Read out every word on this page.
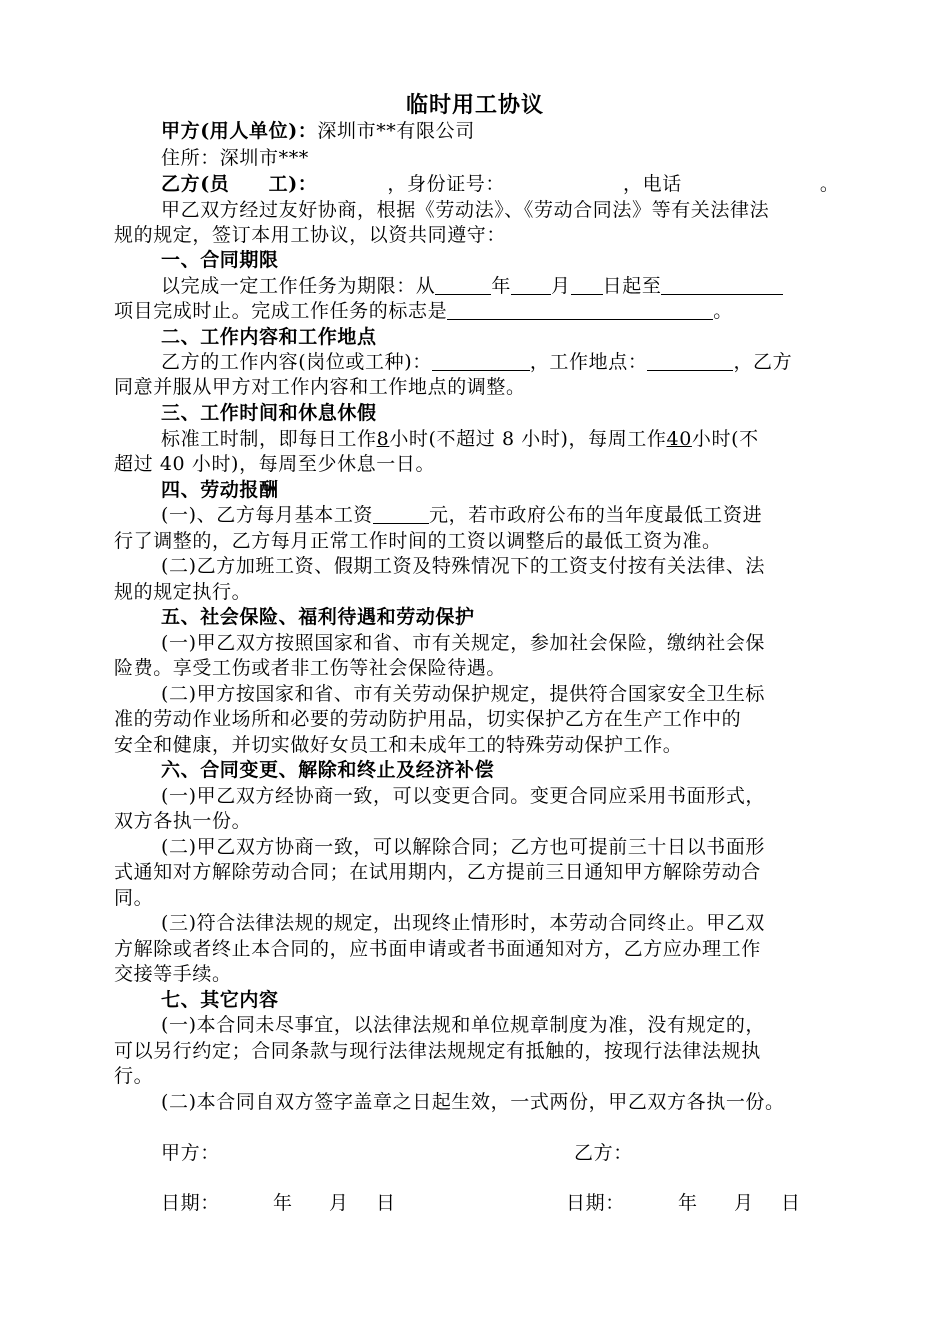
临时用工协议
甲方(用人单位)：深圳市**有限公司
住所：深圳市***
乙方(员　　工)：	，身份证号：	，电话	。
甲乙双方经过友好协商，根据《劳动法》、《劳动合同法》等有关法律法
规的规定，签订本用工协议，以资共同遵守：
一、合同期限
以完成一定工作任务为期限：从	年 月 日起至
项目完成时止。完成工作任务的标志是	。
二、工作内容和工作地点
乙方的工作内容(岗位或工种)：	，工作地点：	，乙方
同意并服从甲方对工作内容和工作地点的调整。
三、工作时间和休息休假
标准工时制，即每日工作8小时(不超过 8 小时)，每周工作40小时(不
超过 40 小时)，每周至少休息一日。
四、劳动报酬
(一)、乙方每月基本工资	元，若市政府公布的当年度最低工资进
行了调整的，乙方每月正常工作时间的工资以调整后的最低工资为准。
(二)乙方加班工资、假期工资及特殊情况下的工资支付按有关法律、法
规的规定执行。
五、社会保险、福利待遇和劳动保护
(一)甲乙双方按照国家和省、市有关规定，参加社会保险，缴纳社会保
险费。享受工伤或者非工伤等社会保险待遇。
(二)甲方按国家和省、市有关劳动保护规定，提供符合国家安全卫生标
准的劳动作业场所和必要的劳动防护用品，切实保护乙方在生产工作中的
安全和健康，并切实做好女员工和未成年工的特殊劳动保护工作。
六、合同变更、解除和终止及经济补偿
(一)甲乙双方经协商一致，可以变更合同。变更合同应采用书面形式，
双方各执一份。
(二)甲乙双方协商一致，可以解除合同；乙方也可提前三十日以书面形
式通知对方解除劳动合同；在试用期内，乙方提前三日通知甲方解除劳动合
同。
(三)符合法律法规的规定，出现终止情形时，本劳动合同终止。甲乙双
方解除或者终止本合同的，应书面申请或者书面通知对方，乙方应办理工作
交接等手续。
七、其它内容
(一)本合同未尽事宜，以法律法规和单位规章制度为准，没有规定的，
可以另行约定；合同条款与现行法律法规规定有抵触的，按现行法律法规执
行。
(二)本合同自双方签字盖章之日起生效，一式两份，甲乙双方各执一份。
甲方：	乙方：
日期：	年 月 日	日期：	年 月 日
